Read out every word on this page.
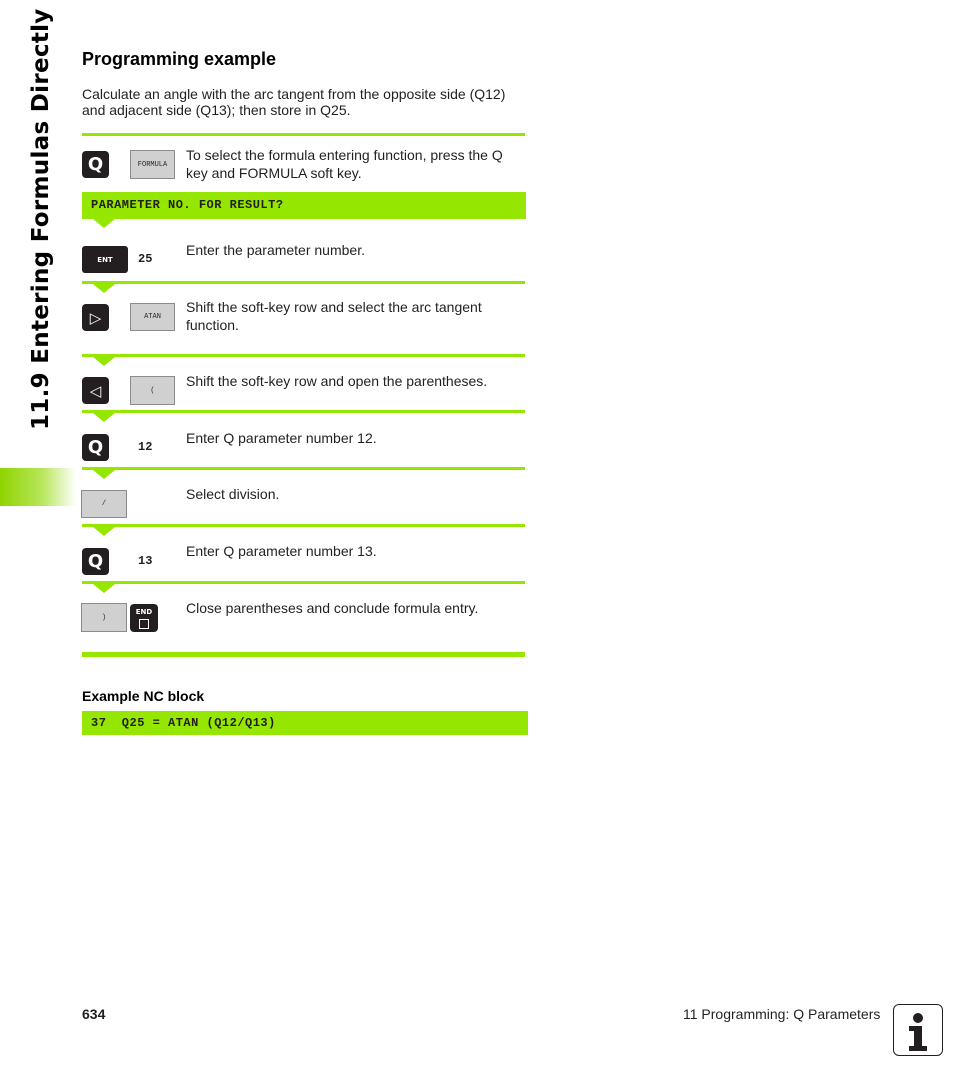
11.9 Entering Formulas Directly Programming example
Calculate an angle with the arc tangent from the opposite side (Q12) and adjacent side (Q13); then store in Q25.
Q	FORMULA
To select the formula entering function, press the Q key and FORMULA soft key.
PARAMETER NO. FOR RESULT?
ENT	25
Enter the parameter number.
▷	ATAN
Shift the soft-key row and select the arc tangent function.
◁	(
Shift the soft-key row and open the parentheses.
Q	12
Enter Q parameter number 12.
/
Select division.
Q	13
Enter Q parameter number 13.
)
END Close parentheses and conclude formula entry.
Example NC block
37  Q25 = ATAN (Q12/Q13)
634	11 Programming: Q Parameters
